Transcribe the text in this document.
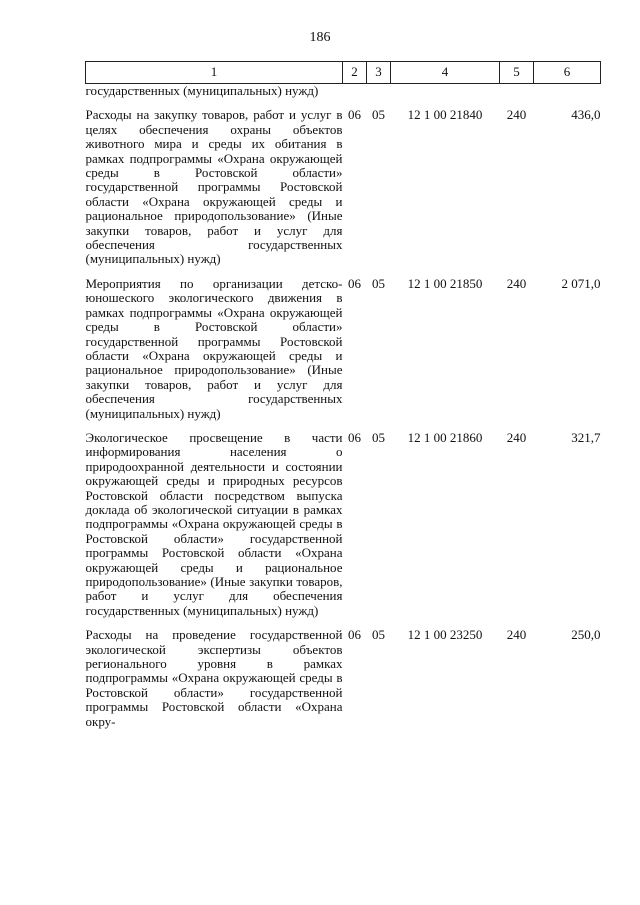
186
1	2	3	4	5	6

государственных (муниципальных) нужд)					

Расходы на закупку товаров, работ и услуг в целях обеспечения охраны объектов животного мира и среды их обитания в рамках подпрограммы «Охрана окружающей среды в Ростовской области» государственной программы Ростовской области «Охрана окружающей среды и рациональное природопользование» (Иные закупки товаров, работ и услуг для обеспечения государственных (муниципальных) нужд)	06	05	12 1 00 21840	240	436,0

Мероприятия по организации детско-юношеского экологического движения в рамках подпрограммы «Охрана окружающей среды в Ростовской области» государственной программы Ростовской области «Охрана окружающей среды и рациональное природопользование» (Иные закупки товаров, работ и услуг для обеспечения государственных (муниципальных) нужд)	06	05	12 1 00 21850	240	2 071,0

Экологическое просвещение в части информирования населения о природоохранной деятельности и состоянии окружающей среды и природных ресурсов Ростовской области посредством выпуска доклада об экологической ситуации в рамках подпрограммы «Охрана окружающей среды в Ростовской области» государственной программы Ростовской области «Охрана окружающей среды и рациональное природопользование» (Иные закупки товаров, работ и услуг для обеспечения государственных (муниципальных) нужд)	06	05	12 1 00 21860	240	321,7

Расходы на проведение государственной экологической экспертизы объектов регионального уровня в рамках подпрограммы «Охрана окружающей среды в Ростовской области» государственной программы Ростовской области «Охрана окру-	06	05	12 1 00 23250	240	250,0
